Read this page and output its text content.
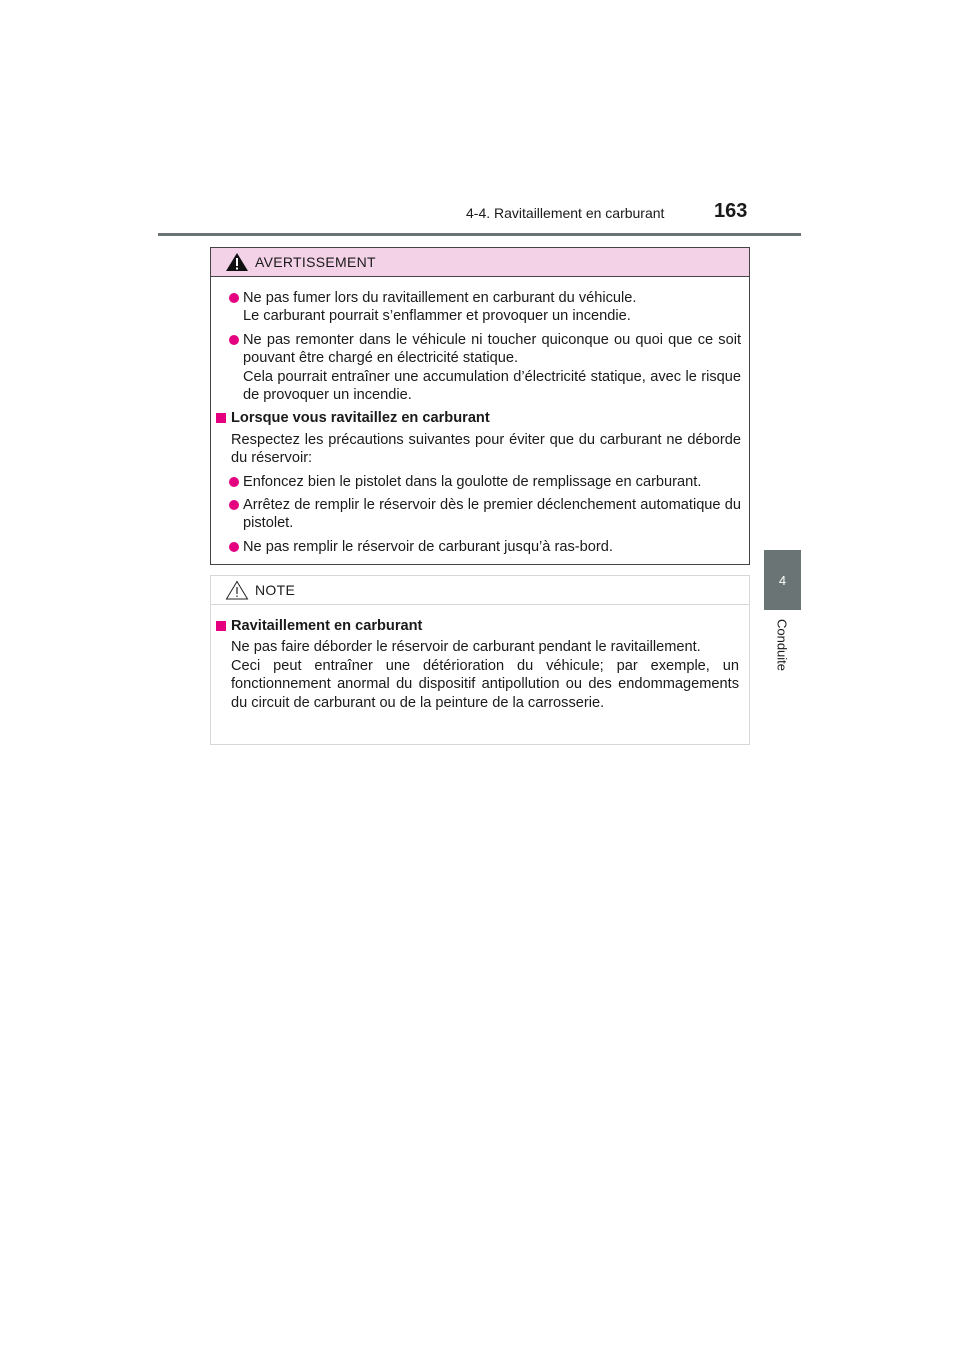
4-4. Ravitaillement en carburant 163
4
Conduite
AVERTISSEMENT

Ne pas fumer lors du ravitaillement en carburant du véhicule.

Le carburant pourrait s’enflammer et provoquer un incendie.

Ne pas remonter dans le véhicule ni toucher quiconque ou quoi que ce soit pouvant être chargé en électricité statique.

Cela pourrait entraîner une accumulation d’électricité statique, avec le risque de provoquer un incendie.

Lorsque vous ravitaillez en carburant
Respectez les précautions suivantes pour éviter que du carburant ne déborde du réservoir:

Enfoncez bien le pistolet dans la goulotte de remplissage en carburant.

Arrêtez de remplir le réservoir dès le premier déclenchement automatique du pistolet.

Ne pas remplir le réservoir de carburant jusqu’à ras-bord.

NOTE
Ravitaillement en carburant
Ne pas faire déborder le réservoir de carburant pendant le ravitaillement.
Ceci peut entraîner une détérioration du véhicule; par exemple, un fonctionnement anormal du dispositif antipollution ou des endommagements du circuit de carburant ou de la peinture de la carrosserie.
